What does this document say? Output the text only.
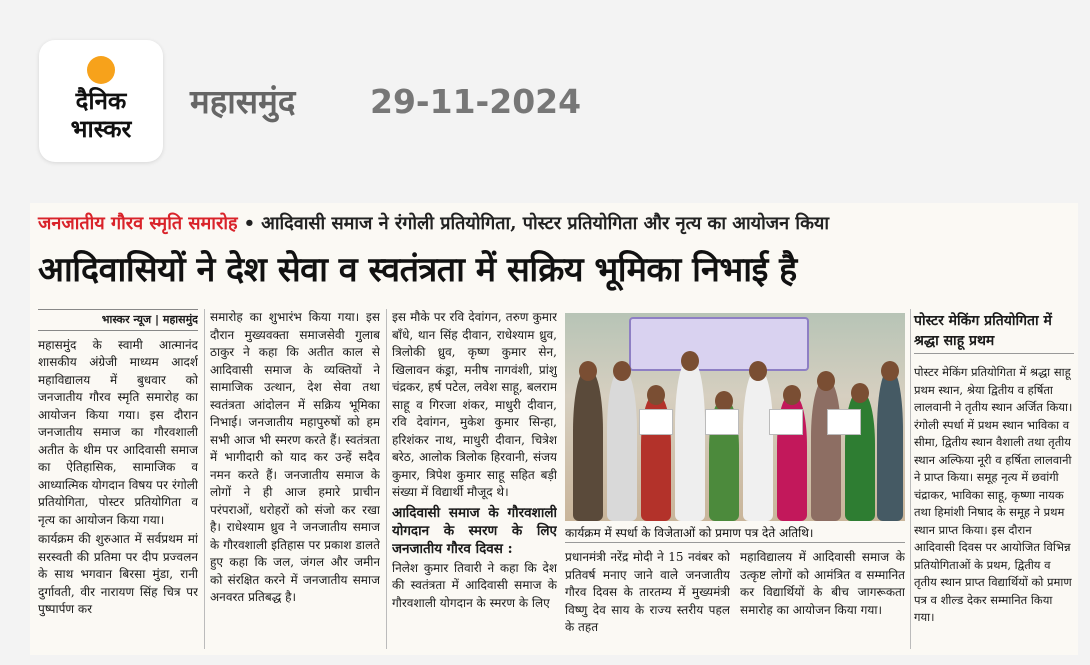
दैनिक
भास्कर
महासमुंद 29-11-2024
जनजातीय गौरव स्मृति समारोह • आदिवासी समाज ने रंगोली प्रतियोगिता, पोस्टर प्रतियोगिता और नृत्य का आयोजन किया
आदिवासियों ने देश सेवा व स्वतंत्रता में सक्रिय भूमिका निभाई है
भास्कर न्यूज | महासमुंद

महासमुंद के स्वामी आत्मानंद शासकीय अंग्रेजी माध्यम आदर्श महाविद्यालय में बुधवार को जनजातीय गौरव स्मृति समारोह का आयोजन किया गया। इस दौरान जनजातीय समाज का गौरवशाली अतीत के थीम पर आदिवासी समाज का ऐतिहासिक, सामाजिक व आध्यात्मिक योगदान विषय पर रंगोली प्रतियोगिता, पोस्टर प्रतियोगिता व नृत्य का आयोजन किया गया।

कार्यक्रम की शुरुआत में सर्वप्रथम मां सरस्वती की प्रतिमा पर दीप प्रज्वलन के साथ भगवान बिरसा मुंडा, रानी दुर्गावती, वीर नारायण सिंह चित्र पर पुष्पार्पण कर

समारोह का शुभारंभ किया गया। इस दौरान मुख्यवक्ता समाजसेवी गुलाब ठाकुर ने कहा कि अतीत काल से आदिवासी समाज के व्यक्तियों ने सामाजिक उत्थान, देश सेवा तथा स्वतंत्रता आंदोलन में सक्रिय भूमिका निभाई। जनजातीय महापुरुषों को हम सभी आज भी स्मरण करते हैं। स्वतंत्रता में भागीदारी को याद कर उन्हें सदैव नमन करते हैं। जनजातीय समाज के लोगों ने ही आज हमारे प्राचीन परंपराओं, धरोहरों को संजो कर रखा है। राधेश्याम ध्रुव ने जनजातीय समाज के गौरवशाली इतिहास पर प्रकाश डालते हुए कहा कि जल, जंगल और जमीन को संरक्षित करने में जनजातीय समाज अनवरत प्रतिबद्ध है।

इस मौके पर रवि देवांगन, तरुण कुमार बाँधे, थान सिंह दीवान, राधेश्याम ध्रुव, त्रिलोकी ध्रुव, कृष्ण कुमार सेन, खिलावन कंड्रा, मनीष नागवंशी, प्रांशु चंद्रकर, हर्ष पटेल, लवेश साहू, बलराम साहू व गिरजा शंकर, माधुरी दीवान, रवि देवांगन, मुकेश कुमार सिन्हा, हरिशंकर नाथ, माधुरी दीवान, चित्रेश बरेठ, आलोक त्रिलोक हिरवानी, संजय कुमार, त्रिपेश कुमार साहू सहित बड़ी संख्या में विद्यार्थी मौजूद थे।

आदिवासी समाज के गौरवशाली योगदान के स्मरण के लिए जनजातीय गौरव दिवस :

निलेश कुमार तिवारी ने कहा कि देश की स्वतंत्रता में आदिवासी समाज के गौरवशाली योगदान के स्मरण के लिए

कार्यक्रम में स्पर्धा के विजेताओं को प्रमाण पत्र देते अतिथि।

प्रधानमंत्री नरेंद्र मोदी ने 15 नवंबर को प्रतिवर्ष मनाए जाने वाले जनजातीय गौरव दिवस के तारतम्य में मुख्यमंत्री विष्णु देव साय के राज्य स्तरीय पहल के तहत

महाविद्यालय में आदिवासी समाज के उत्कृष्ट लोगों को आमंत्रित व सम्मानित कर विद्यार्थियों के बीच जागरूकता समारोह का आयोजन किया गया।

पोस्टर मेकिंग प्रतियोगिता में श्रद्धा साहू प्रथम

पोस्टर मेकिंग प्रतियोगिता में श्रद्धा साहू प्रथम स्थान, श्रेया द्वितीय व हर्षिता लालवानी ने तृतीय स्थान अर्जित किया। रंगोली स्पर्धा में प्रथम स्थान भाविका व सीमा, द्वितीय स्थान वैशाली तथा तृतीय स्थान अल्फिया नूरी व हर्षिता लालवानी ने प्राप्त किया। समूह नृत्य में छवांगी चंद्राकर, भाविका साहू, कृष्णा नायक तथा हिमांशी निषाद के समूह ने प्रथम स्थान प्राप्त किया। इस दौरान आदिवासी दिवस पर आयोजित विभिन्न प्रतियोगिताओं के प्रथम, द्वितीय व तृतीय स्थान प्राप्त विद्यार्थियों को प्रमाण पत्र व शील्ड देकर सम्मानित किया गया।
